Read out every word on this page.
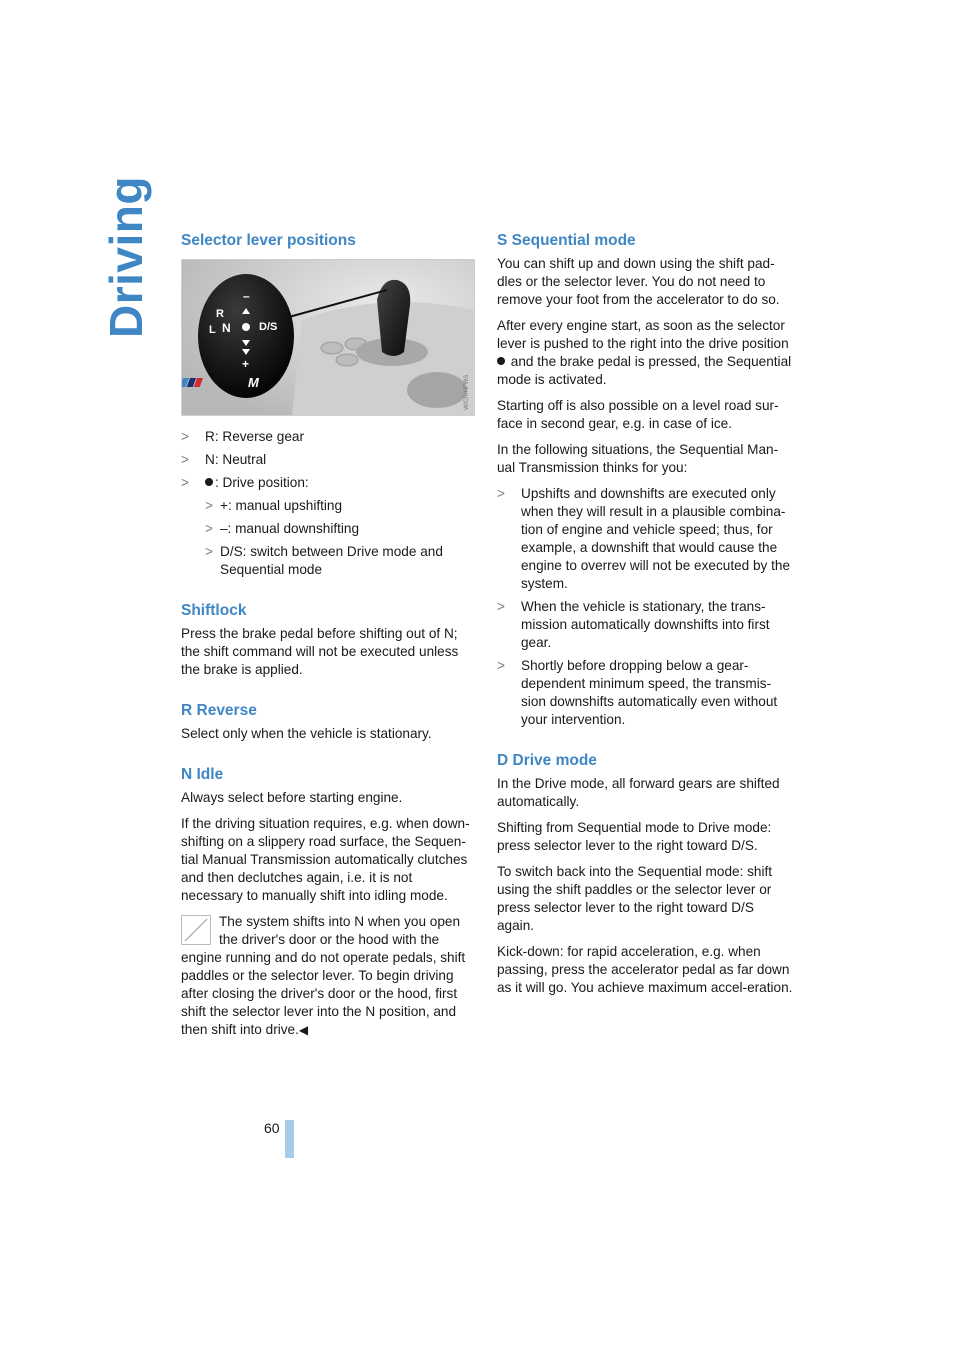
Driving Selector lever positions
R
L N	D/S
–
+
M	W/CR/HFWS
> R: Reverse gear
> N: Neutral
> : Drive position:
> +: manual upshifting
> –: manual downshifting
> D/S: switch between Drive mode and Sequential mode
Shiftlock

Press the brake pedal before shifting out of N; the shift command will not be executed unless the brake is applied.

R Reverse

Select only when the vehicle is stationary.

N Idle

Always select before starting engine.

If the driving situation requires, e.g. when down-shifting on a slippery road surface, the Sequen-tial Manual Transmission automatically clutches and then declutches again, i.e. it is not necessary to manually shift into idling mode.

The system shifts into N when you open the driver's door or the hood with the engine running and do not operate pedals, shift paddles or the selector lever. To begin driving after closing the driver's door or the hood, first shift the selector lever into the N position, and then shift into drive.◀

S Sequential mode

You can shift up and down using the shift pad-dles or the selector lever. You do not need to remove your foot from the accelerator to do so.

After every engine start, as soon as the selector lever is pushed to the right into the drive position  and the brake pedal is pressed, the Sequential mode is activated.

Starting off is also possible on a level road sur-face in second gear, e.g. in case of ice.

In the following situations, the Sequential Man-ual Transmission thinks for you:

> Upshifts and downshifts are executed only when they will result in a plausible combina-tion of engine and vehicle speed; thus, for example, a downshift that would cause the engine to overrev will not be executed by the system.
> When the vehicle is stationary, the trans-mission automatically downshifts into first gear.
> Shortly before dropping below a gear-dependent minimum speed, the transmis-sion downshifts automatically even without your intervention.
D Drive mode

In the Drive mode, all forward gears are shifted automatically.

Shifting from Sequential mode to Drive mode: press selector lever to the right toward D/S.

To switch back into the Sequential mode: shift using the shift paddles or the selector lever or press selector lever to the right toward D/S again.

Kick-down: for rapid acceleration, e.g. when passing, press the accelerator pedal as far down as it will go. You achieve maximum accel-eration.

60
